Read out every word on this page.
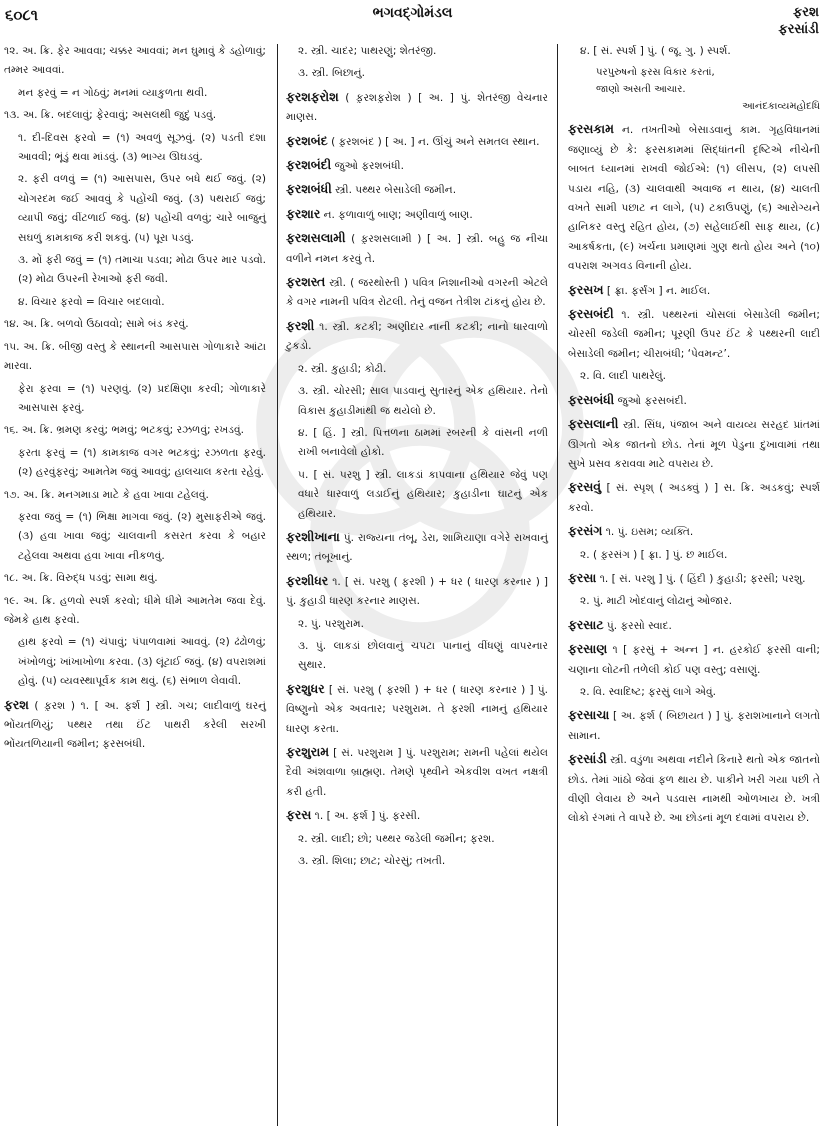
૬૦૮૧	ભગવદ્ગોમંડલ	ફરશ
ફરસાંડી
૧૨. અ. ક્રિ. ફેર આવવા; ચક્કર આવવાં; મન ઘુમાવું કે ડહોળાવું; તમ્મર આવવાં.
મન ફરવું = ન ગોઠવું; મનમાં વ્યાકુળતા થવી.
૧૩. અ. ક્રિ. બદલાવું; ફેરવાવું; અસલથી જુદું પડવું.
૧. દી-દિવસ ફરવો = (૧) અવળું સૂઝવું. (૨) પડતી દશા આવવી; ભૂંડું થવા માંડવું. (૩) ભાગ્ય ઊઘડવું.
૨. ફરી વળવું = (૧) આસપાસ, ઉપર બધે થઈ જવું. (૨) ચોગરદમ જઈ આવવું કે પહોંચી જવું. (૩) પથરાઈ જવું; વ્યાપી જવું; વીંટળાઈ જવું. (૪) પહોંચી વળવું; ચારે બાજુનું સઘળું કામકાજ કરી શકવું. (૫) પૂરા પડવું.
૩. મોં ફરી જવું = (૧) તમાચા પડવા; મોઢા ઉપર માર પડવો. (૨) મોઢા ઉપરની રેખાઓ ફરી જવી.
૪. વિચાર ફરવો = વિચાર બદલાવો.
૧૪. અ. ક્રિ. બળવો ઉઠાવવો; સામે બંડ કરવું.
૧૫. અ. ક્રિ. બીજી વસ્તુ કે સ્થાનની આસપાસ ગોળાકારે આંટા મારવા.
ફેરા ફરવા = (૧) પરણવું. (૨) પ્રદક્ષિણા કરવી; ગોળાકારે આસપાસ ફરવું.
૧૬. અ. ક્રિ. ભ્રમણ કરવું; ભમવું; ભટકવું; રઝળવું; રખડવું.
ફરતા ફરવું = (૧) કામકાજ વગર ભટકવું; રઝળતા ફરવું. (૨) હરવુંફરવું; આમતેમ જવું આવવું; હાલચાલ કરતા રહેવું.
૧૭. અ. ક્રિ. મનગમાડા માટે કે હવા ખાવા ટહેલવું.
ફરવા જવું = (૧) ભિક્ષા માગવા જવું. (૨) મુસાફરીએ જવું. (૩) હવા ખાવા જવું; ચાલવાની કસરત કરવા કે બહાર ટહેલવા અથવા હવા ખાવા નીકળવું.
૧૮. અ. ક્રિ. વિરુદ્ધ પડવું; સામા થવું.
૧૯. અ. ક્રિ. હળવો સ્પર્શ કરવો; ધીમે ધીમે આમતેમ જવા દેવું. જેમકે હાથ ફરવો.
હાથ ફરવો = (૧) ચંપાવું; પંપાળવામાં આવવું. (૨) ઢંઢોળવું; ખંખોળવું; ખાંખાખોળા કરવા. (૩) લૂંટાઈ જવું. (૪) વપરાશમાં હોવું. (૫) વ્યવસ્થાપૂર્વક કામ થવું. (૬) સંભાળ લેવાવી.
ફરશ ( ફ઼રશ ) ૧. [ અ. ફર્શ ] સ્ત્રી. ગચ; લાદીવાળું ઘરનું ભોંયતળિયું; પથ્થર તથા ઈંટ પાથરી કરેલી સરખી ભોંયતળિયાની જમીન; ફરસબંધી.
૨. સ્ત્રી. ચાદર; પાથરણું; શેતરંજી.
૩. સ્ત્રી. બિછાનું.
ફરશફરોશ ( ફ઼રશફ઼રોશ ) [ અ. ] પું. શેતરંજી વેચનાર માણસ.
ફરશબંદ ( ફ઼રશબંદ ) [ અ. ] ન. ઊંચું અને સમતલ સ્થાન.
ફરશબંદી જુઓ ફરશબંધી.
ફરશબંધી સ્ત્રી. પથ્થર બેસાડેલી જમીન.
ફરશાર ન. ફળાવાળું બાણ; અણીવાળું બાણ.
ફરશસલામી ( ફ઼રશસલામી ) [ અ. ] સ્ત્રી. બહુ જ નીચા વળીને નમન કરવું તે.
ફરશસ્ત સ્ત્રી. ( જરથોસ્તી ) પવિત્ર નિશાનીઓ વગરની એટલે કે વગર નામની પવિત્ર રોટલી. તેનું વજન તેત્રીશ ટાંકનું હોય છે.
ફરશી ૧. સ્ત્રી. કટકી; અણીદાર નાની કટકી; નાનો ધારવાળો ટુકડો.
૨. સ્ત્રી. કુહાડી; કોઢી.
૩. સ્ત્રી. ચોરસી; સાલ પાડવાનું સુતારનું એક હથિયાર. તેનો વિકાસ કુહાડીમાંથી જ થયેલો છે.
૪. [ હિં. ] સ્ત્રી. પિત્તળના ઠામમાં રબરની કે વાંસની નળી રાખી બનાવેલો હોકો.
૫. [ સં. પરશુ ] સ્ત્રી. લાકડાં કાપવાના હથિયાર જેવું પણ વધારે ધારવાળું લડાઈનું હથિયાર; કુહાડીના ઘાટનું એક હથિયાર.
ફરશીખાના પું. રાજ્યના તંબૂ, ડેરા, શામિયાણા વગેરે રાખવાનું સ્થળ; તંબૂખાનું.
ફરશીધર ૧. [ સં. પરશુ ( ફરશી ) + ધર ( ધારણ કરનાર ) ] પું. કુહાડી ધારણ કરનાર માણસ.
૨. પું. પરશુરામ.
૩. પું. લાકડાં છોલવાનું ચપટા પાનાનું વીંધણું વાપરનાર સુથાર.
ફરશુધર [ સં. પરશુ ( ફરશી ) + ધર ( ધારણ કરનાર ) ] પું. વિષ્ણુનો એક અવતાર; પરશુરામ. તે ફરશી નામનું હથિયાર ધારણ કરતા.
ફરશુરામ [ સં. પરશુરામ ] પું. પરશુરામ; રામની પહેલાં થયેલ દૈવી અંશવાળા બ્રાહ્મણ. તેમણે પૃથ્વીને એકવીશ વખત નક્ષત્રી કરી હતી.
ફરસ ૧. [ અ. ફર્શ ] પું. ફરસી.
૨. સ્ત્રી. લાદી; છો; પથ્થર જડેલી જમીન; ફરશ.
૩. સ્ત્રી. શિલા; છાટ; ચોરસું; તખતી.
૪. [ સં. સ્પર્શ ] પું. ( જૂ. ગુ. ) સ્પર્શ.
પરપુરુષનો ફરસ વિકાર કરતાં,
જાણો અસતી આચાર.
આનંદકાવ્યમહોદધિ
ફરસકામ ન. તખતીઓ બેસાડવાનું કામ. ગૃહવિધાનમાં જણાવ્યું છે કે: ફરસકામમાં સિદ્ધાંતની દૃષ્ટિએ નીચેની બાબત ધ્યાનમાં રાખવી જોઈએ: (૧) લીસપ, (૨) લપસી પડાય નહિ, (૩) ચાલવાથી અવાજ ન થાય, (૪) ચાલતી વખતે સામી પછાટ ન લાગે, (૫) ટકાઉપણું, (૬) આરોગ્યને હાનિકર વસ્તુ રહિત હોય, (૭) સહેલાઈથી સાફ થાય, (૮) આકર્ષકતા, (૯) ખર્ચના પ્રમાણમાં ગુણ થતો હોય અને (૧૦) વપરાશ અગવડ વિનાની હોય.
ફરસખ [ ફ્રા. ફર્સંગ ] ન. માઈલ.
ફરસબંદી ૧. સ્ત્રી. પથ્થરનાં ચોસલાં બેસાડેલી જમીન; ચોરસી જડેલી જમીન; પૂરણી ઉપર ઈંટ કે પથ્થરની લાદી બેસાડેલી જમીન; ચીરાબંધી; ‘પેવમન્ટ’.
૨. વિ. લાદી પાથરેલું.
ફરસબંધી જુઓ ફરસબંદી.
ફરસલાની સ્ત્રી. સિંધ, પંજાબ અને વાયવ્ય સરહદ પ્રાંતમાં ઊગતો એક જાતનો છોડ. તેનાં મૂળ પેડુના દુખાવામાં તથા સુખે પ્રસવ કરાવવા માટે વપરાય છે.
ફરસવું [ સં. સ્પૃશ્ ( અડક્વું ) ] સ. ક્રિ. અડકવું; સ્પર્શ કરવો.
ફરસંગ ૧. પું. ઇસમ; વ્યક્તિ.
૨. ( ફ઼રસંગ ) [ ફ્રા. ] પું. છ માઈલ.
ફરસા ૧. [ સં. પરશુ ] પું. ( હિંદી ) કુહાડી; ફરસી; પરશુ.
૨. પું. માટી ખોદવાનું લોઢાનું ઓજાર.
ફરસાટ પું. ફરસો સ્વાદ.
ફરસાણ ૧ [ ફરસું + અન્ન ] ન. હરકોઈ ફરસી વાની; ચણાના લોટની તળેલી કોઈ પણ વસ્તુ; વસાણું.
૨. વિ. સ્વાદિષ્ટ; ફરસું લાગે એવું.
ફરસાચા [ અ. ફર્શ ( બિછાયત ) ] પું. ફરાશખાનાને લગતો સામાન.
ફરસાંડી સ્ત્રી. વડુંળા અથવા નદીને કિનારે થતો એક જાતનો છોડ. તેમાં ગાંઠો જેવાં ફળ થાય છે. પાકીને ખરી ગયા પછી તે વીણી લેવાય છે અને પડવાસ નામથી ઓળખાય છે. ખત્રી લોકો રંગમાં તે વાપરે છે. આ છોડનાં મૂળ દવામાં વપરાય છે.
